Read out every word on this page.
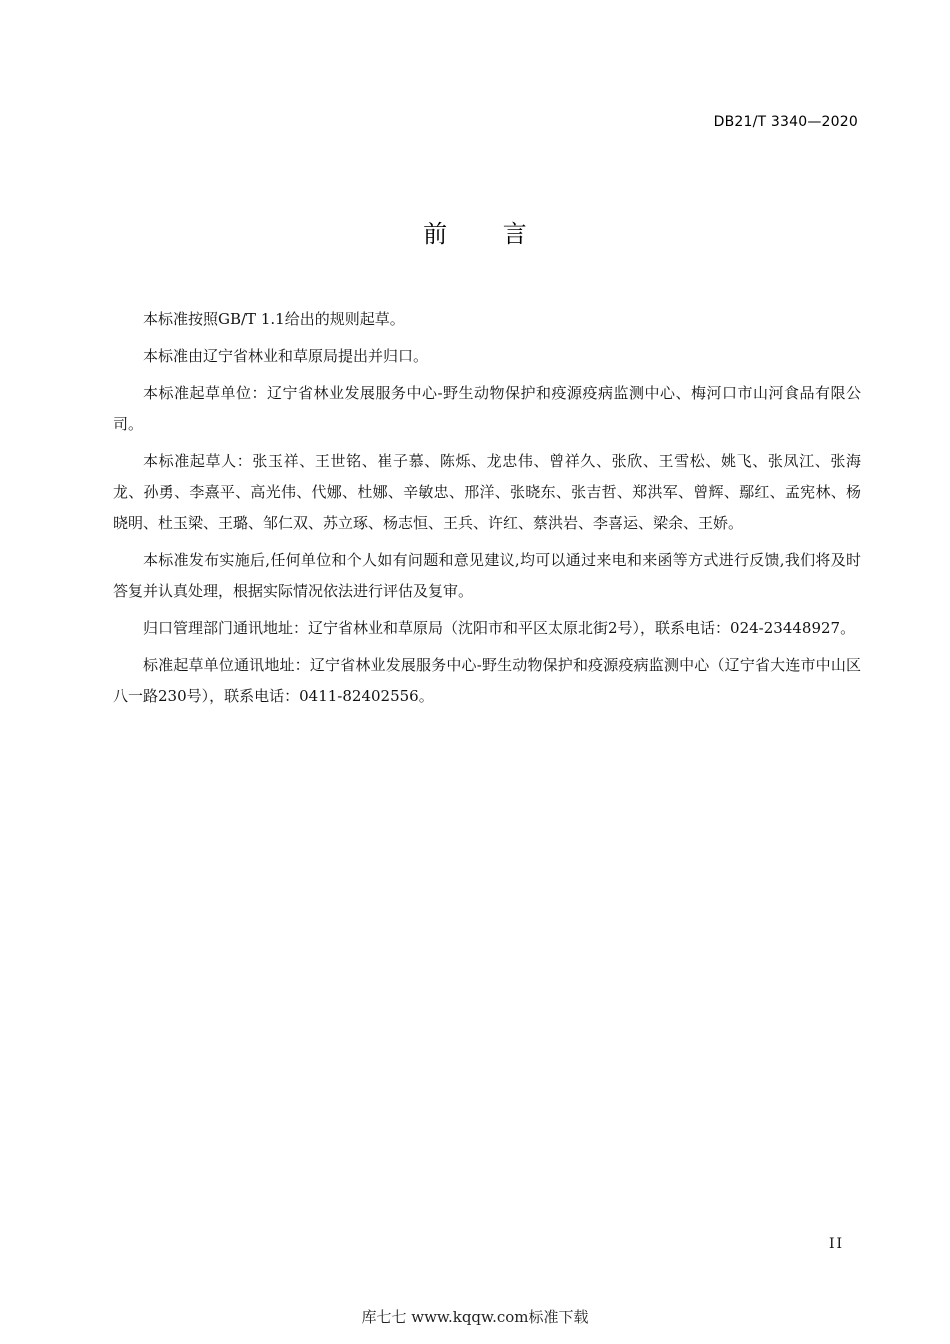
DB21/T 3340—2020
前 言

本标准按照GB/T 1.1给出的规则起草。

本标准由辽宁省林业和草原局提出并归口。

本标准起草单位：辽宁省林业发展服务中心-野生动物保护和疫源疫病监测中心、梅河口市山河食品有限公司。

本标准起草人：张玉祥、王世铭、崔子慕、陈烁、龙忠伟、曾祥久、张欣、王雪松、姚飞、张凤江、张海龙、孙勇、李熹平、高光伟、代娜、杜娜、辛敏忠、邢洋、张晓东、张吉哲、郑洪军、曾辉、鄢红、孟宪林、杨晓明、杜玉梁、王璐、邹仁双、苏立琢、杨志恒、王兵、许红、蔡洪岩、李喜运、梁余、王娇。

本标准发布实施后,任何单位和个人如有问题和意见建议,均可以通过来电和来函等方式进行反馈,我们将及时答复并认真处理，根据实际情况依法进行评估及复审。

归口管理部门通讯地址：辽宁省林业和草原局（沈阳市和平区太原北街2号），联系电话：024-23448927。

标准起草单位通讯地址：辽宁省林业发展服务中心-野生动物保护和疫源疫病监测中心（辽宁省大连市中山区八一路230号），联系电话：0411-82402556。

II
库七七 www.kqqw.com标准下载
